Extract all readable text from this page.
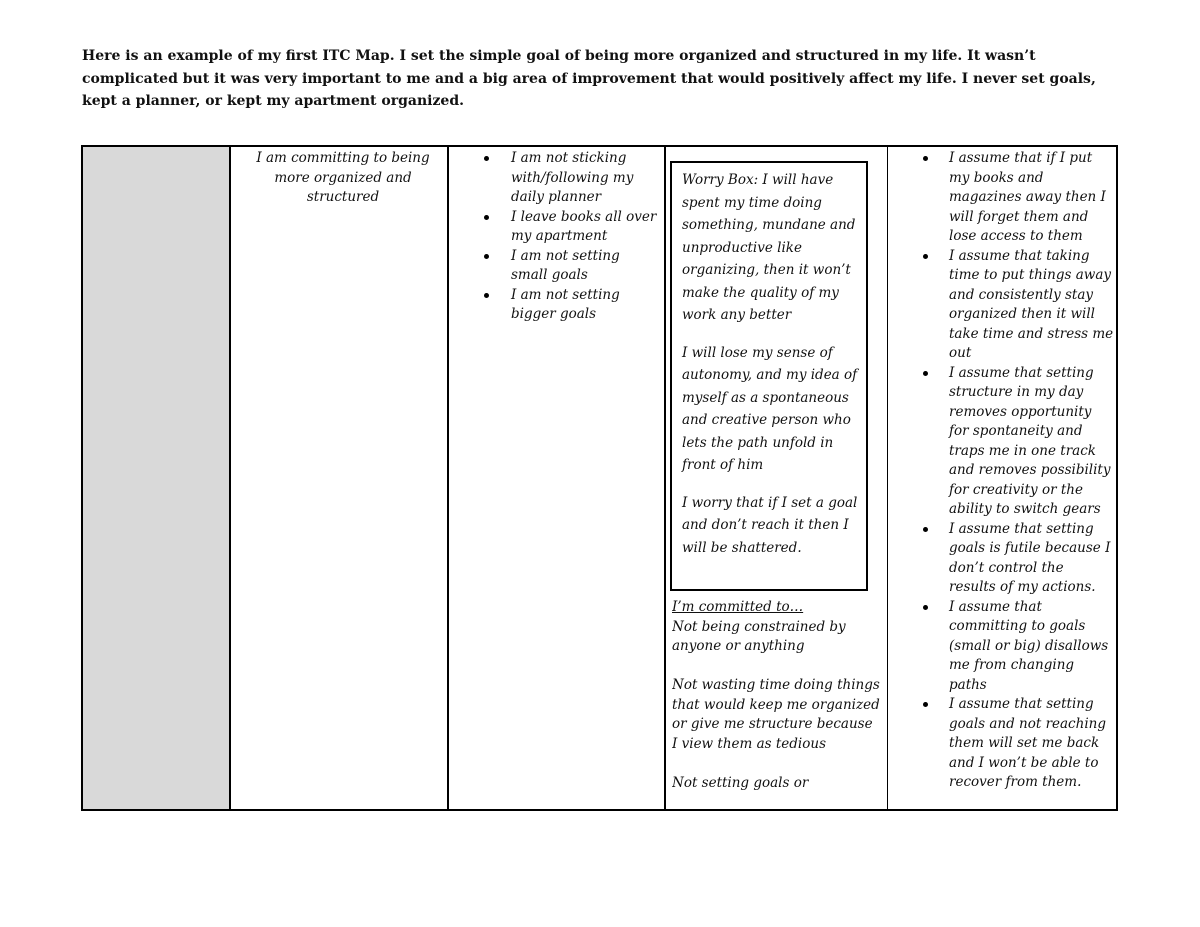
Here is an example of my first ITC Map. I set the simple goal of being more organized and structured in my life. It wasn’t complicated but it was very important to me and a big area of improvement that would positively affect my life. I never set goals, kept a planner, or kept my apartment organized.

I am committing to being more organized and structured
I am not sticking with/following my daily planner
I leave books all over my apartment
I am not setting small goals
I am not setting bigger goals

Worry Box: I will have spent my time doing something, mundane and unproductive like organizing, then it won’t make the quality of my work any better

I will lose my sense of autonomy, and my idea of myself as a spontaneous and creative person who lets the path unfold in front of him

I worry that if I set a goal and don’t reach it then I will be shattered.

I’m committed to…

Not being constrained by anyone or anything

Not wasting time doing things that would keep me organized or give me structure because I view them as tedious

Not setting goals or

I assume that if I put my books and magazines away then I will forget them and lose access to them
I assume that taking time to put things away and consistently stay organized then it will take time and stress me out
I assume that setting structure in my day removes opportunity for spontaneity and traps me in one track and removes possibility for creativity or the ability to switch gears
I assume that setting goals is futile because I don’t control the results of my actions.
I assume that committing to goals (small or big) disallows me from changing paths
I assume that setting goals and not reaching them will set me back and I won’t be able to recover from them.
